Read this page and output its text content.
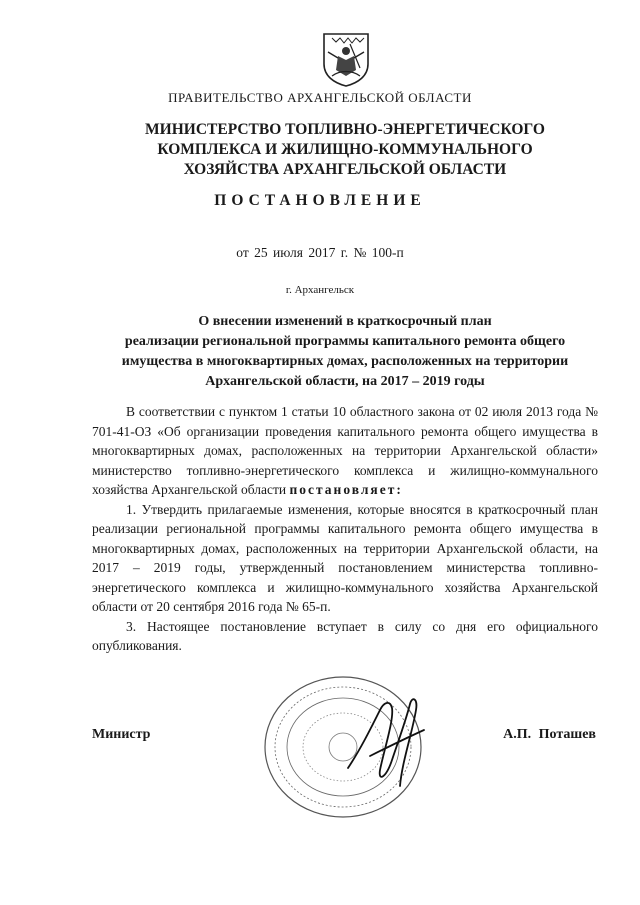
ПРАВИТЕЛЬСТВО АРХАНГЕЛЬСКОЙ ОБЛАСТИ
МИНИСТЕРСТВО ТОПЛИВНО-ЭНЕРГЕТИЧЕСКОГО
КОМПЛЕКСА И ЖИЛИЩНО-КОММУНАЛЬНОГО
ХОЗЯЙСТВА АРХАНГЕЛЬСКОЙ ОБЛАСТИ
ПОСТАНОВЛЕНИЕ
от 25 июля 2017 г. № 100-п
г. Архангельск
О внесении изменений в краткосрочный план
реализации региональной программы капитального ремонта общего
имущества в многоквартирных домах, расположенных на территории
Архангельской области, на 2017 – 2019 годы

В соответствии с пунктом 1 статьи 10 областного закона от 02 июля 2013 года № 701-41-ОЗ «Об организации проведения капитального ремонта общего имущества в многоквартирных домах, расположенных на территории Архангельской области» министерство топливно-энергетического комплекса и жилищно-коммунального хозяйства Архангельской области постановляет:

1. Утвердить прилагаемые изменения, которые вносятся в краткосрочный план реализации региональной программы капитального ремонта общего имущества в многоквартирных домах, расположенных на территории Архангельской области, на 2017 – 2019 годы, утвержденный постановлением министерства топливно-энергетического комплекса и жилищно-коммунального хозяйства Архангельской области от 20 сентября 2016 года № 65-п.

3. Настоящее постановление вступает в силу со дня его официального опубликования.

Министр	А.П. Поташев
